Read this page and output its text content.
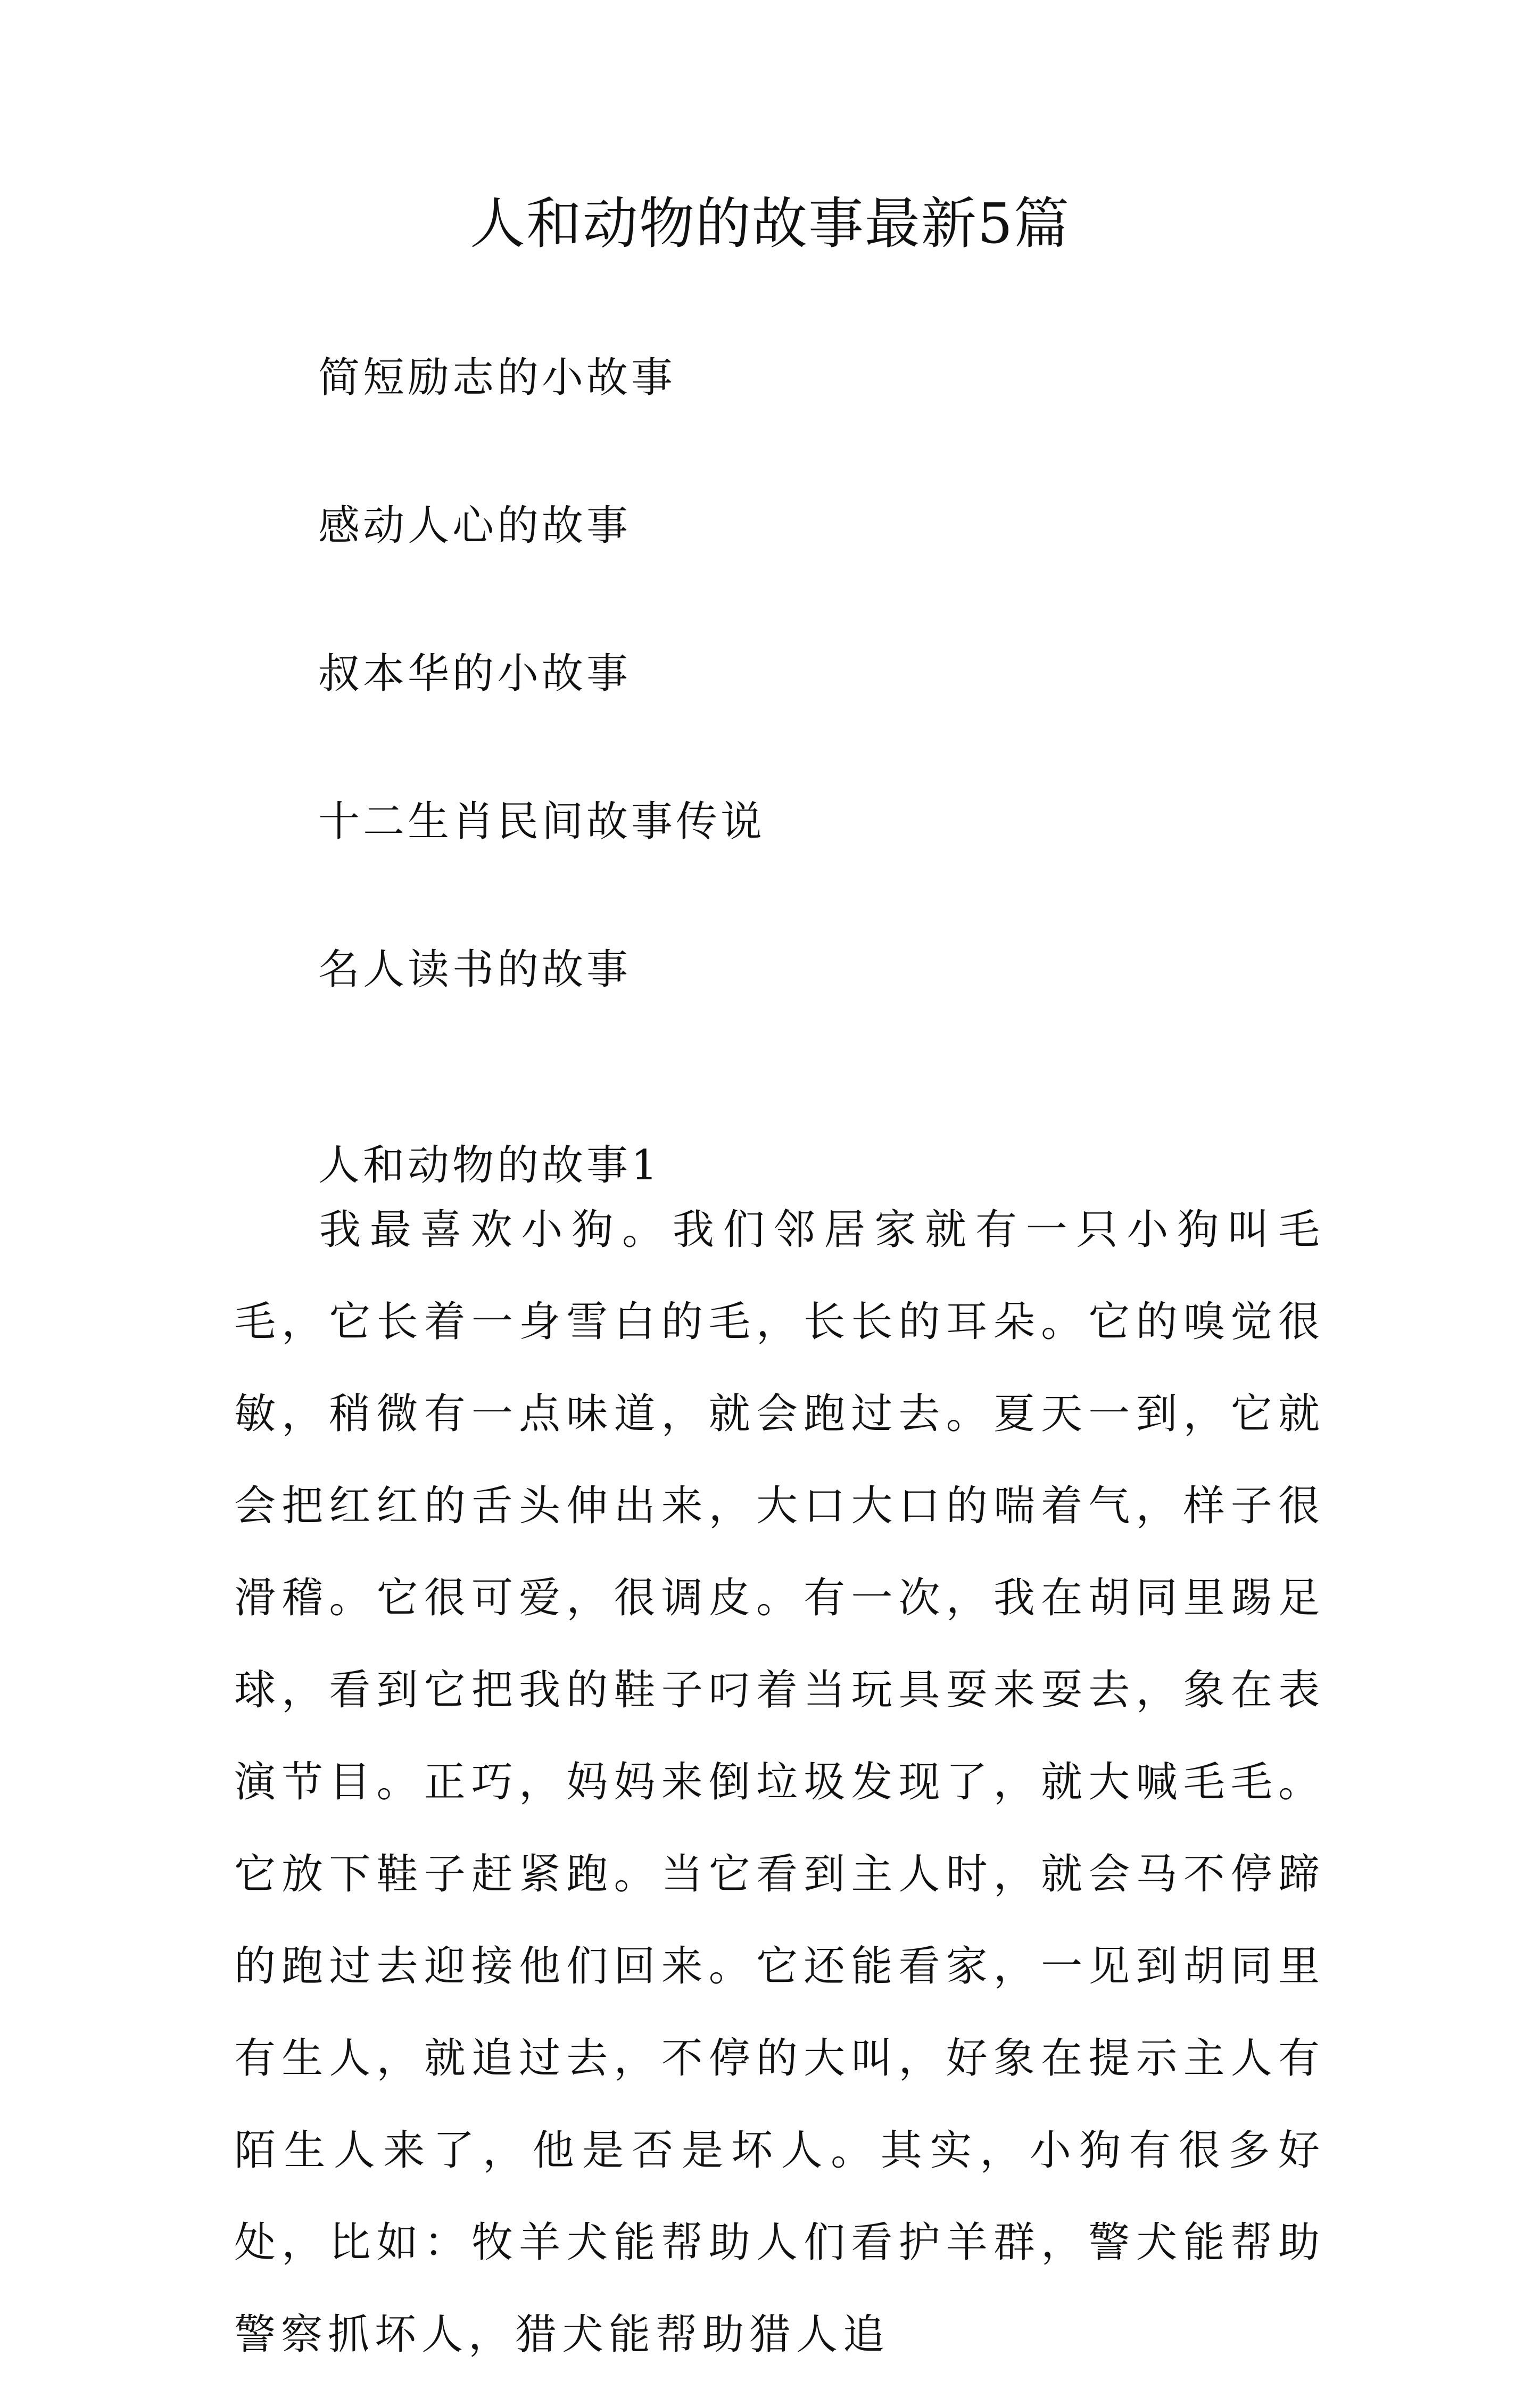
人和动物的故事最新5篇
简短励志的小故事
感动人心的故事
叔本华的小故事
十二生肖民间故事传说
名人读书的故事
人和动物的故事1

我最喜欢小狗。我们邻居家就有一只小狗叫毛毛，它长着一身雪白的毛，长长的耳朵。它的嗅觉很敏，稍微有一点味道，就会跑过去。夏天一到，它就会把红红的舌头伸出来，大口大口的喘着气，样子很滑稽。它很可爱，很调皮。有一次，我在胡同里踢足球，看到它把我的鞋子叼着当玩具耍来耍去，象在表演节目。正巧，妈妈来倒垃圾发现了，就大喊毛毛。它放下鞋子赶紧跑。当它看到主人时，就会马不停蹄的跑过去迎接他们回来。它还能看家，一见到胡同里有生人，就追过去，不停的大叫，好象在提示主人有陌生人来了，他是否是坏人。其实，小狗有很多好处，比如：牧羊犬能帮助人们看护羊群，警犬能帮助警察抓坏人，猎犬能帮助猎人追
